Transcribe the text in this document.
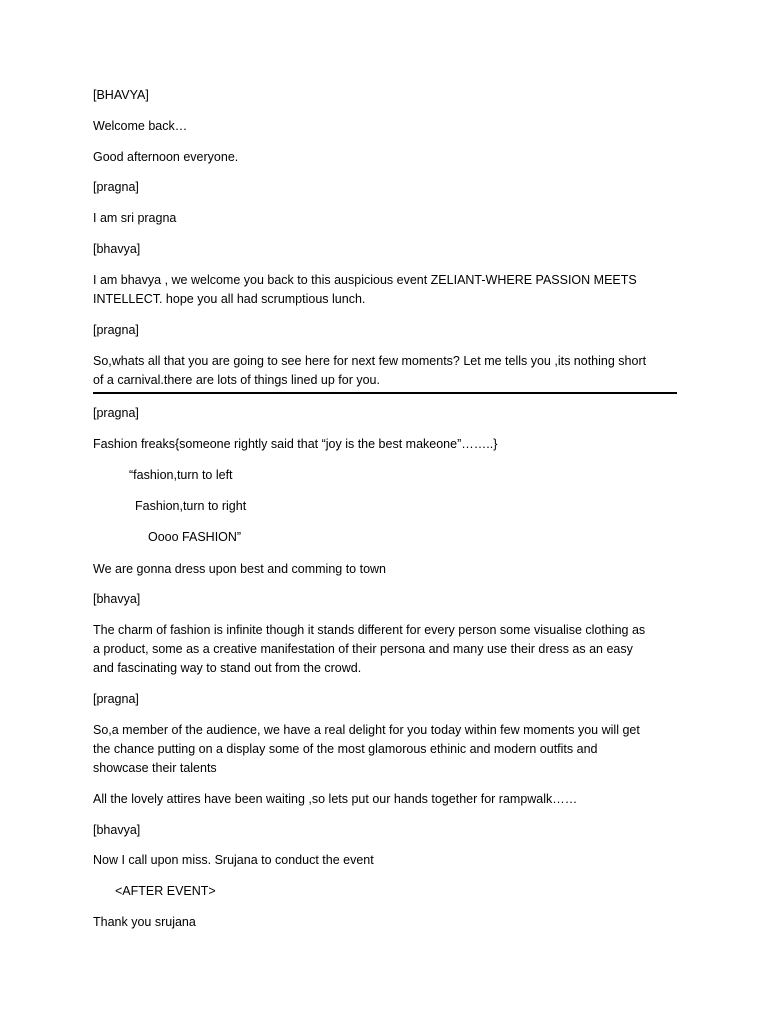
[BHAVYA]

Welcome back…

Good afternoon everyone.

[pragna]

I am sri pragna

[bhavya]

I am bhavya , we welcome you back to this auspicious event ZELIANT-WHERE PASSION MEETS

INTELLECT. hope you all had scrumptious lunch.

[pragna]

So,whats all that you are going to see here for next few moments? Let me tells you ,its nothing short

of a carnival.there are lots of things lined up for you.

[pragna]

Fashion freaks{someone rightly said that “joy is the best makeone”……..}

“fashion,turn to left

Fashion,turn to right

Oooo FASHION”

We are gonna dress upon best and comming to town

[bhavya]

The charm of fashion is infinite though it stands different for every person some visualise clothing as

a product, some as a creative manifestation of their persona and many use their dress as an easy

and fascinating way to stand out from the crowd.

[pragna]

So,a member of the audience, we have a real delight for you today within few moments you will get

the chance putting on a display some of the most glamorous ethinic and modern outfits and

showcase their talents

All the lovely attires have been waiting ,so lets put our hands together for rampwalk……

[bhavya]

Now I call upon miss. Srujana to conduct the event

<AFTER EVENT>

Thank you srujana
